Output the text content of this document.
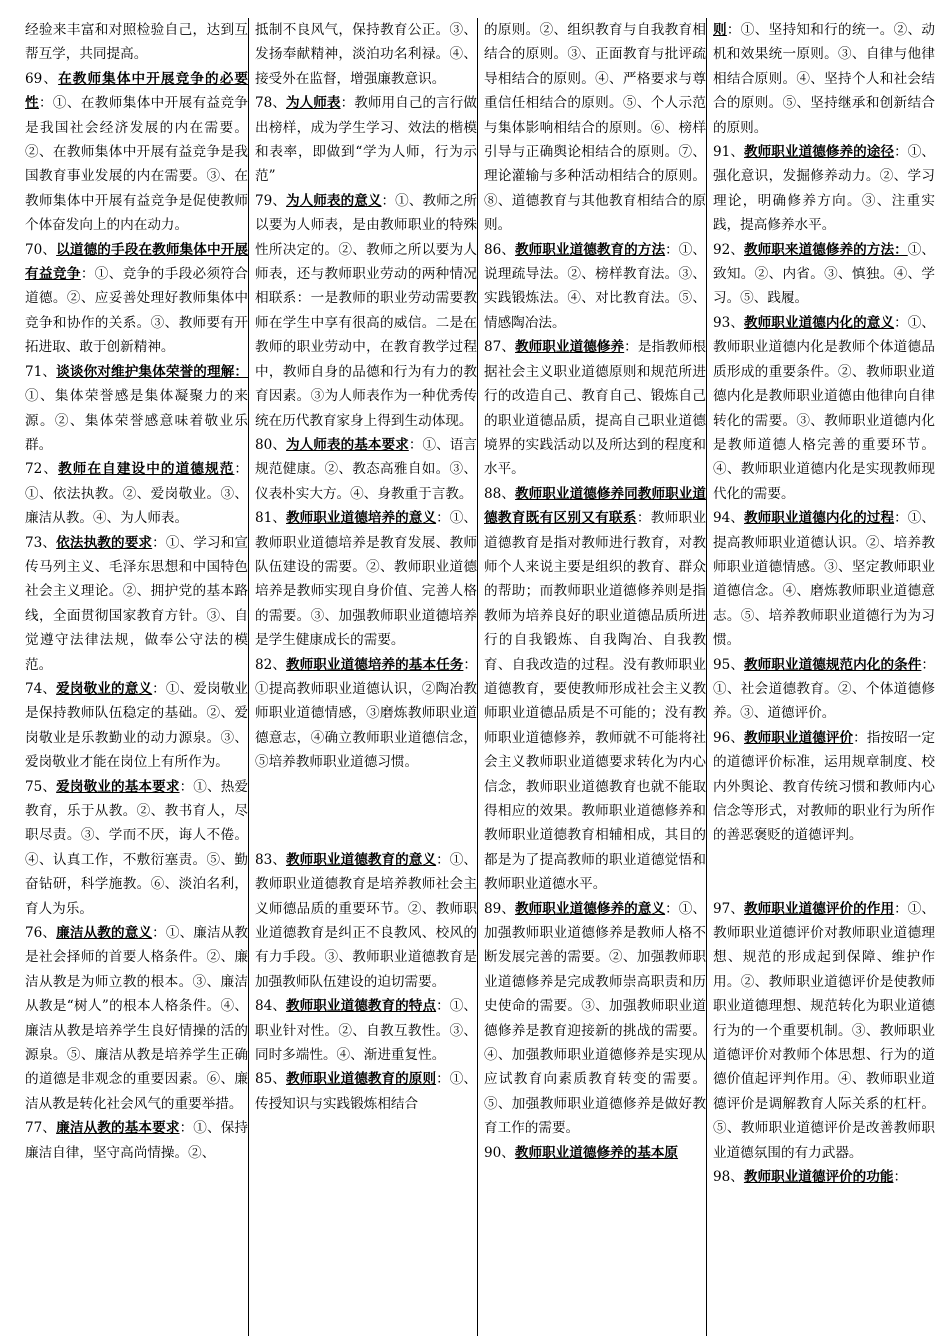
经验来丰富和对照检验自己，达到互帮互学，共同提高。

69、在教师集体中开展竞争的必要性：①、在教师集体中开展有益竞争是我国社会经济发展的内在需要。②、在教师集体中开展有益竞争是我国教育事业发展的内在需要。③、在教师集体中开展有益竞争是促使教师个体奋发向上的内在动力。

70、以道德的手段在教师集体中开展有益竞争：①、竞争的手段必须符合道德。②、应妥善处理好教师集体中竞争和协作的关系。③、教师要有开拓进取、敢于创新精神。

71、谈谈你对维护集体荣誉的理解：①、集体荣誉感是集体凝聚力的来源。②、集体荣誉感意味着敬业乐群。

72、教师在自建设中的道德规范：①、依法执教。②、爱岗敬业。③、廉洁从教。④、为人师表。

73、依法执教的要求：①、学习和宣传马列主义、毛泽东思想和中国特色社会主义理论。②、拥护党的基本路线，全面贯彻国家教育方针。③、自觉遵守法律法规，做奉公守法的模范。

74、爱岗敬业的意义：①、爱岗敬业是保持教师队伍稳定的基础。②、爱岗敬业是乐教勤业的动力源泉。③、爱岗敬业才能在岗位上有所作为。

75、爱岗敬业的基本要求：①、热爱教育，乐于从教。②、教书育人，尽职尽责。③、学而不厌，诲人不倦。④、认真工作，不敷衍塞责。⑤、勤奋钻研，科学施教。⑥、淡泊名利，育人为乐。

76、廉洁从教的意义：①、廉洁从教是社会择师的首要人格条件。②、廉洁从教是为师立教的根本。③、廉洁从教是“树人”的根本人格条件。④、廉洁从教是培养学生良好情操的活的源泉。⑤、廉洁从教是培养学生正确的道德是非观念的重要因素。⑥、廉洁从教是转化社会风气的重要举措。

77、廉洁从教的基本要求：①、保持廉洁自律，坚守高尚情操。②、

抵制不良风气，保持教育公正。③、发扬奉献精神，淡泊功名利禄。④、接受外在监督，增强廉教意识。

78、为人师表：教师用自己的言行做出榜样，成为学生学习、效法的楷模和表率，即做到“学为人师，行为示范”

79、为人师表的意义：①、教师之所以要为人师表，是由教师职业的特殊性所决定的。②、教师之所以要为人师表，还与教师职业劳动的两种情况相联系：一是教师的职业劳动需要教师在学生中享有很高的威信。二是在教师的职业劳动中，在教育教学过程中，教师自身的品德和行为有力的教育因素。③为人师表作为一种优秀传统在历代教育家身上得到生动体现。

80、为人师表的基本要求：①、语言规范健康。②、教态高雅自如。③、仪表朴实大方。④、身教重于言教。

81、教师职业道德培养的意义：①、教师职业道德培养是教育发展、教师队伍建设的需要。②、教师职业道德培养是教师实现自身价值、完善人格的需要。③、加强教师职业道德培养是学生健康成长的需要。

82、教师职业道德培养的基本任务：①提高教师职业道德认识，②陶冶教师职业道德情感，③磨炼教师职业道德意志，④确立教师职业道德信念，⑤培养教师职业道德习惯。

83、教师职业道德教育的意义：①、教师职业道德教育是培养教师社会主义师德品质的重要环节。②、教师职业道德教育是纠正不良教风、校风的有力手段。③、教师职业道德教育是加强教师队伍建设的迫切需要。

84、教师职业道德教育的特点：①、职业针对性。②、自教互教性。③、同时多端性。④、渐进重复性。

85、教师职业道德教育的原则：①、传授知识与实践锻炼相结合

的原则。②、组织教育与自我教育相结合的原则。③、正面教育与批评疏导相结合的原则。④、严格要求与尊重信任相结合的原则。⑤、个人示范与集体影响相结合的原则。⑥、榜样引导与正确舆论相结合的原则。⑦、理论灌输与多种活动相结合的原则。⑧、道德教育与其他教育相结合的原则。

86、教师职业道德教育的方法：①、说理疏导法。②、榜样教育法。③、实践锻炼法。④、对比教育法。⑤、情感陶冶法。

87、教师职业道德修养：是指教师根据社会主义职业道德原则和规范所进行的改造自己、教育自己、锻炼自己的职业道德品质，提高自己职业道德境界的实践活动以及所达到的程度和水平。

88、教师职业道德修养同教师职业道德教育既有区别又有联系：教师职业道德教育是指对教师进行教育，对教师个人来说主要是组织的教育、群众的帮助；而教师职业道德修养则是指教师为培养良好的职业道德品质所进行的自我锻炼、自我陶冶、自我教育、自我改造的过程。没有教师职业道德教育，要使教师形成社会主义教师职业道德品质是不可能的；没有教师职业道德修养，教师就不可能将社会主义教师职业道德要求转化为内心信念，教师职业道德教育也就不能取得相应的效果。教师职业道德修养和教师职业道德教育相辅相成，其目的都是为了提高教师的职业道德觉悟和教师职业道德水平。

89、教师职业道德修养的意义：①、加强教师职业道德修养是教师人格不断发展完善的需要。②、加强教师职业道德修养是完成教师崇高职责和历史使命的需要。③、加强教师职业道德修养是教育迎接新的挑战的需要。④、加强教师职业道德修养是实现从应试教育向素质教育转变的需要。⑤、加强教师职业道德修养是做好教育工作的需要。

90、教师职业道德修养的基本原

则：①、坚持知和行的统一。②、动机和效果统一原则。③、自律与他律相结合原则。④、坚持个人和社会结合的原则。⑤、坚持继承和创新结合的原则。

91、教师职业道德修养的途径：①、强化意识，发掘修养动力。②、学习理论，明确修养方向。③、注重实践，提高修养水平。

92、教师职来道德修养的方法：①、致知。②、内省。③、慎独。④、学习。⑤、践履。

93、教师职业道德内化的意义：①、教师职业道德内化是教师个体道德品质形成的重要条件。②、教师职业道德内化是教师职业道德由他律向自律转化的需要。③、教师职业道德内化是教师道德人格完善的重要环节。④、教师职业道德内化是实现教师现代化的需要。

94、教师职业道德内化的过程：①、提高教师职业道德认识。②、培养教师职业道德情感。③、坚定教师职业道德信念。④、磨炼教师职业道德意志。⑤、培养教师职业道德行为为习惯。

95、教师职业道德规范内化的条件：①、社会道德教育。②、个体道德修养。③、道德评价。

96、教师职业道德评价：指按昭一定的道德评价标准，运用规章制度、校内外舆论、教育传统习惯和教师内心信念等形式，对教师的职业行为所作的善恶褒贬的道德评判。

97、教师职业道德评价的作用：①、教师职业道德评价对教师职业道德理想、规范的形成起到保障、维护作用。②、教师职业道德评价是使教师职业道德理想、规范转化为职业道德行为的一个重要机制。③、教师职业道德评价对教师个体思想、行为的道德价值起评判作用。④、教师职业道德评价是调解教育人际关系的杠杆。⑤、教师职业道德评价是改善教师职业道德氛围的有力武器。

98、教师职业道德评价的功能：
